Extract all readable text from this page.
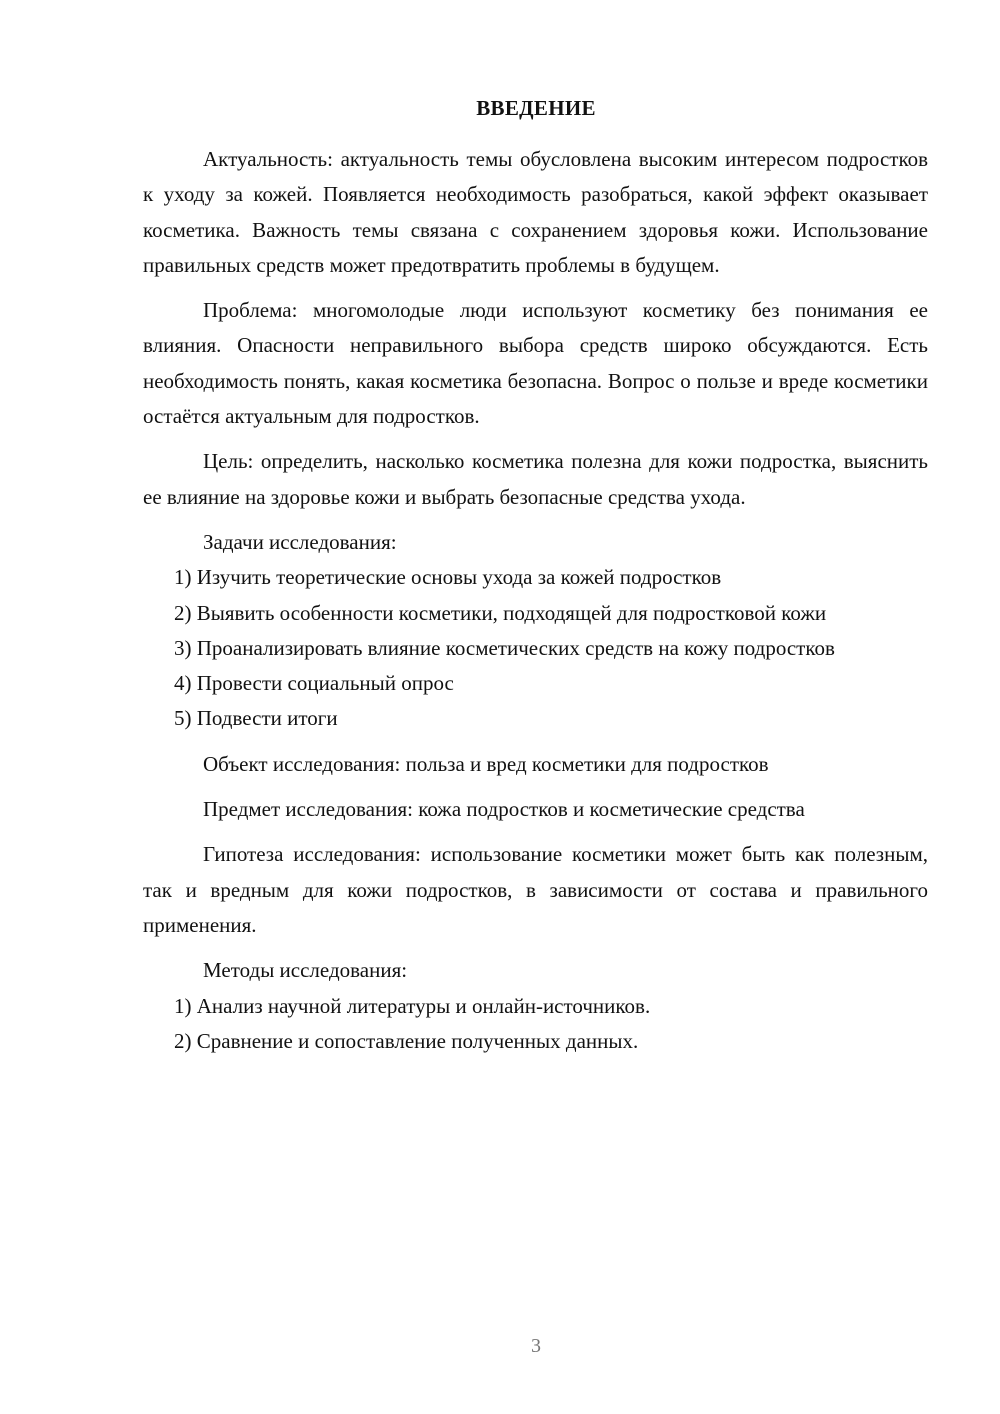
ВВЕДЕНИЕ

Актуальность: актуальность темы обусловлена высоким интересом подростков к уходу за кожей. Появляется необходимость разобраться, какой эффект оказывает косметика. Важность темы связана с сохранением здоровья кожи. Использование правильных средств может предотвратить проблемы в будущем.

Проблема: многомолодые люди используют косметику без понимания ее влияния. Опасности неправильного выбора средств широко обсуждаются. Есть необходимость понять, какая косметика безопасна. Вопрос о пользе и вреде косметики остаётся актуальным для подростков.

Цель: определить, насколько косметика полезна для кожи подростка, выяснить ее влияние на здоровье кожи и выбрать безопасные средства ухода.

Задачи исследования:

1) Изучить теоретические основы ухода за кожей подростков

2) Выявить особенности косметики, подходящей для подростковой кожи

3) Проанализировать влияние косметических средств на кожу подростков

4) Провести социальный опрос

5) Подвести итоги

Объект исследования: польза и вред косметики для подростков

Предмет исследования: кожа подростков и косметические средства

Гипотеза исследования: использование косметики может быть как полезным, так и вредным для кожи подростков, в зависимости от состава и правильного применения.

Методы исследования:

1) Анализ научной литературы и онлайн-источников.

2) Сравнение и сопоставление полученных данных.

3
